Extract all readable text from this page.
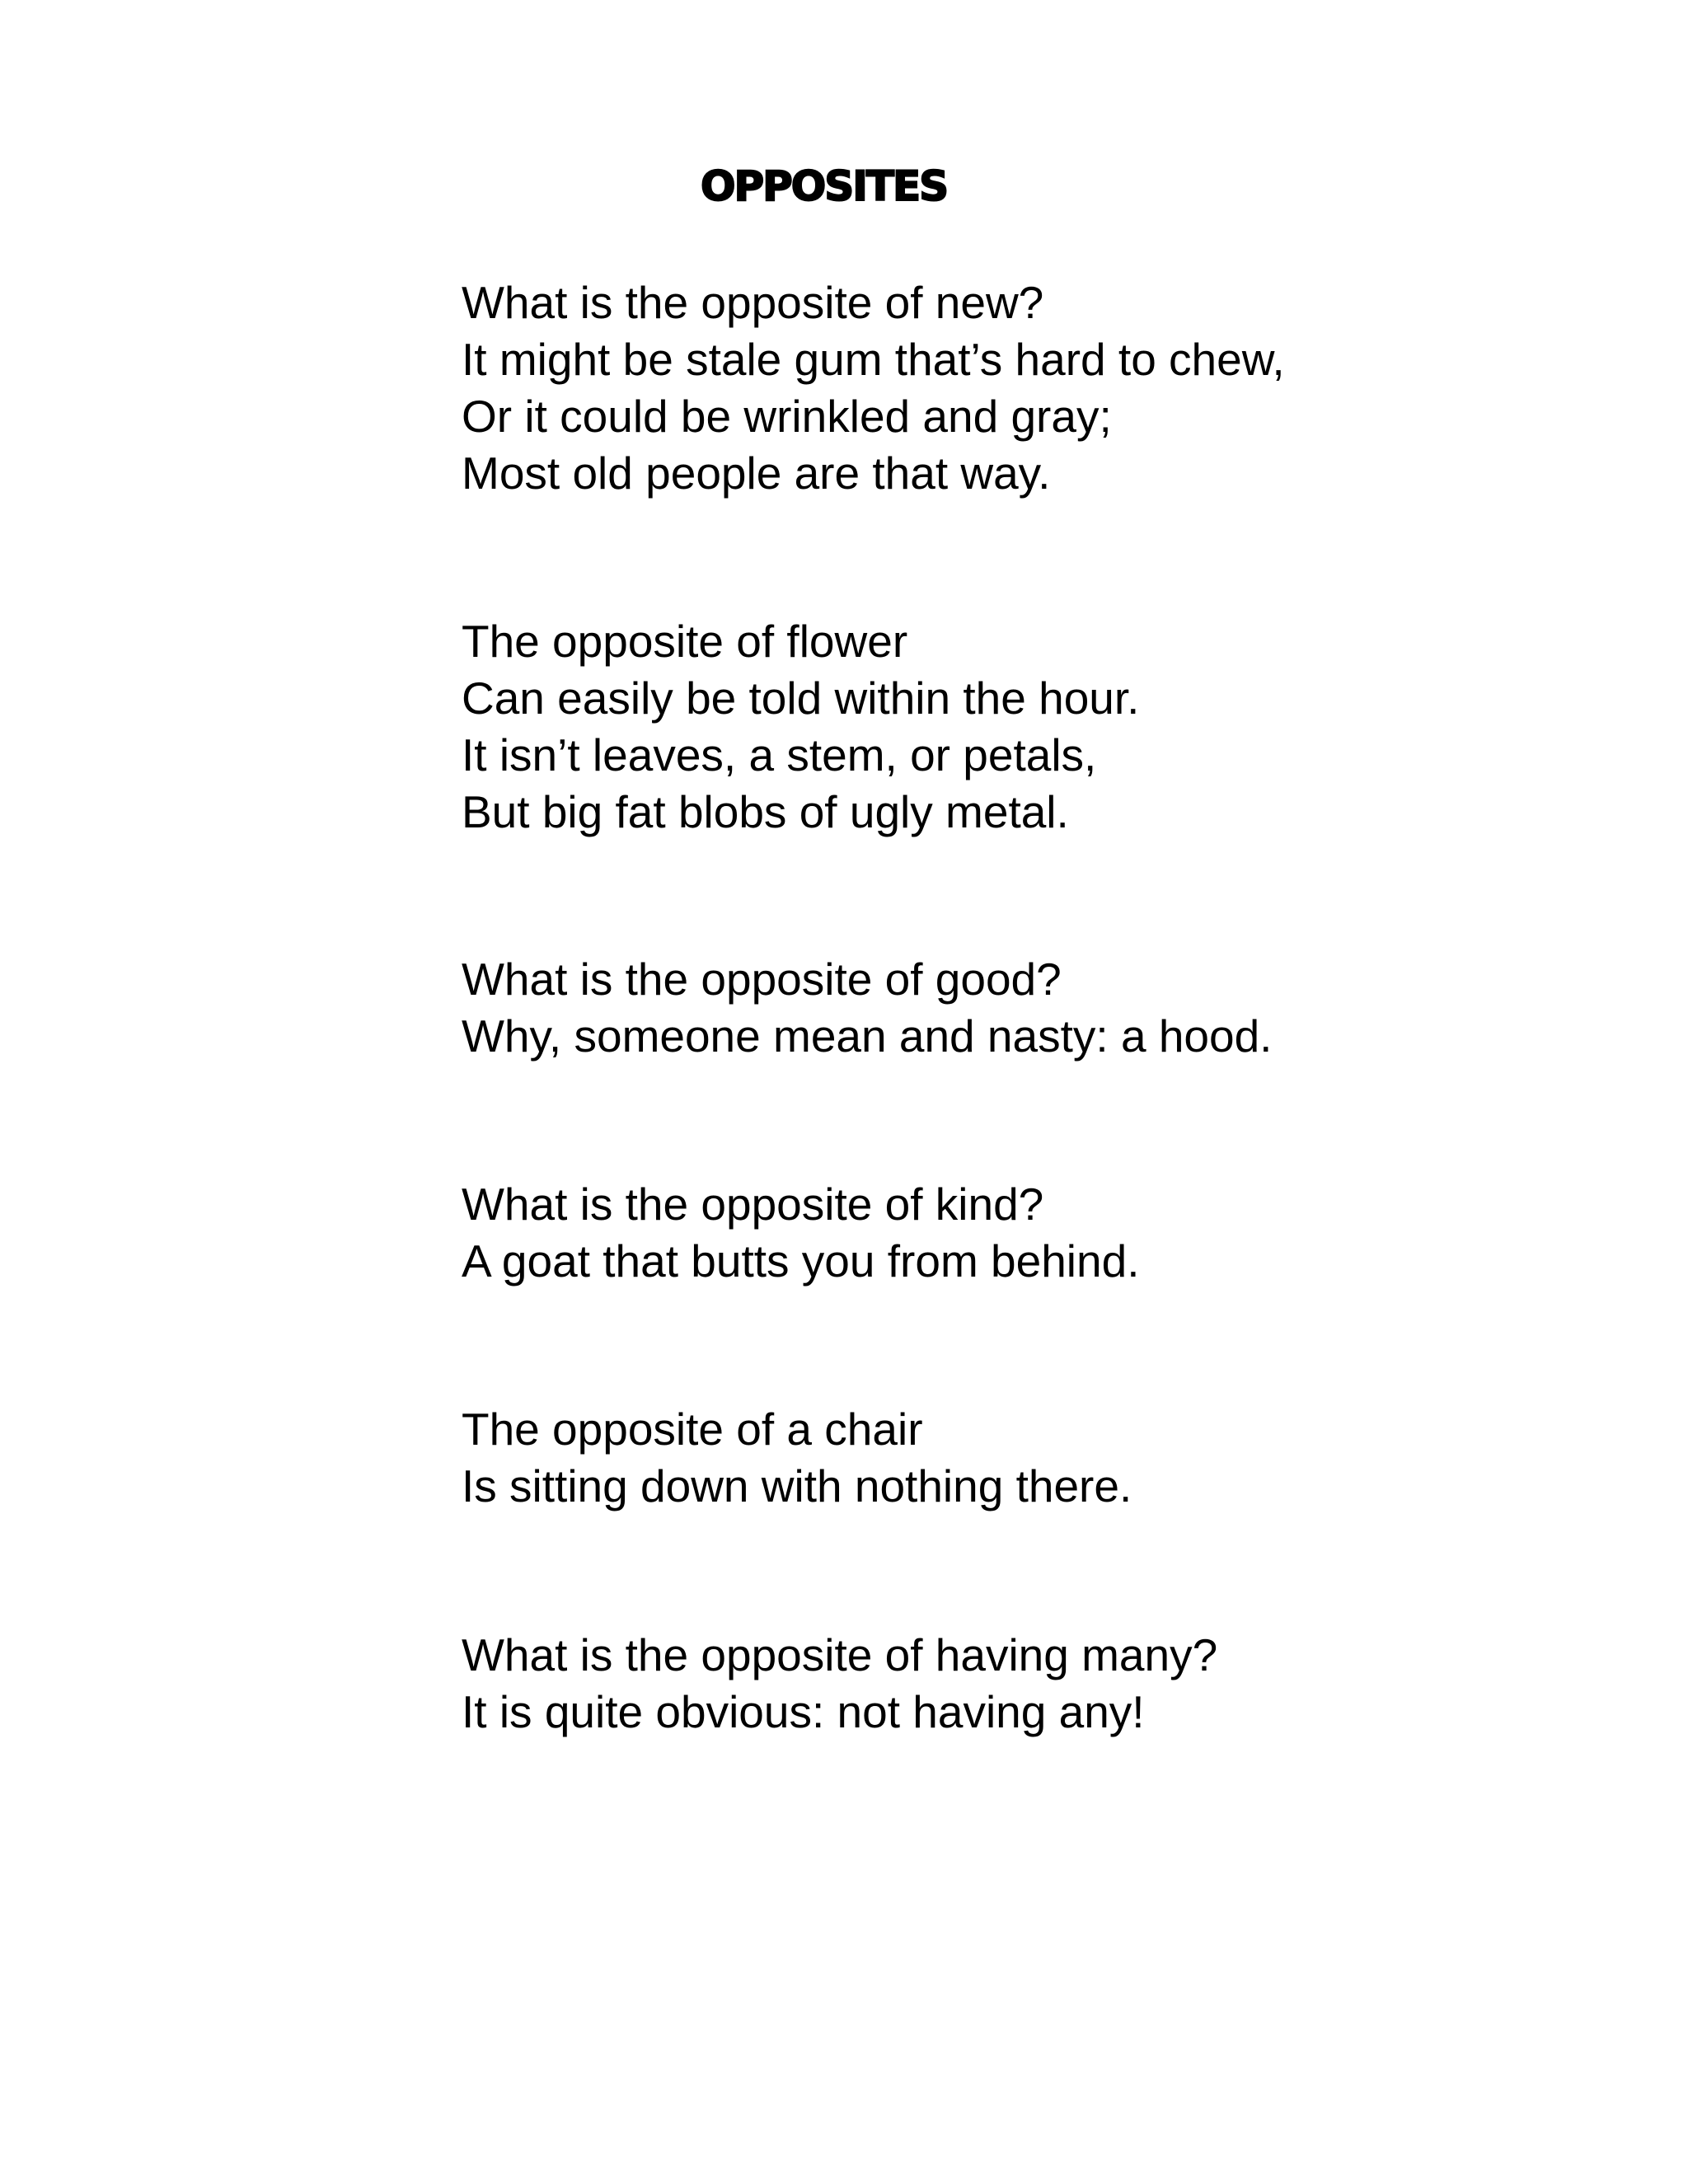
OPPOSITES

What is the opposite of new?
It might be stale gum that’s hard to chew,
Or it could be wrinkled and gray;
Most old people are that way.

The opposite of flower
Can easily be told within the hour.
It isn’t leaves, a stem, or petals,
But big fat blobs of ugly metal.

What is the opposite of good?
Why, someone mean and nasty: a hood.

What is the opposite of kind?
A goat that butts you from behind.

The opposite of a chair
Is sitting down with nothing there.

What is the opposite of having many?
It is quite obvious: not having any!
